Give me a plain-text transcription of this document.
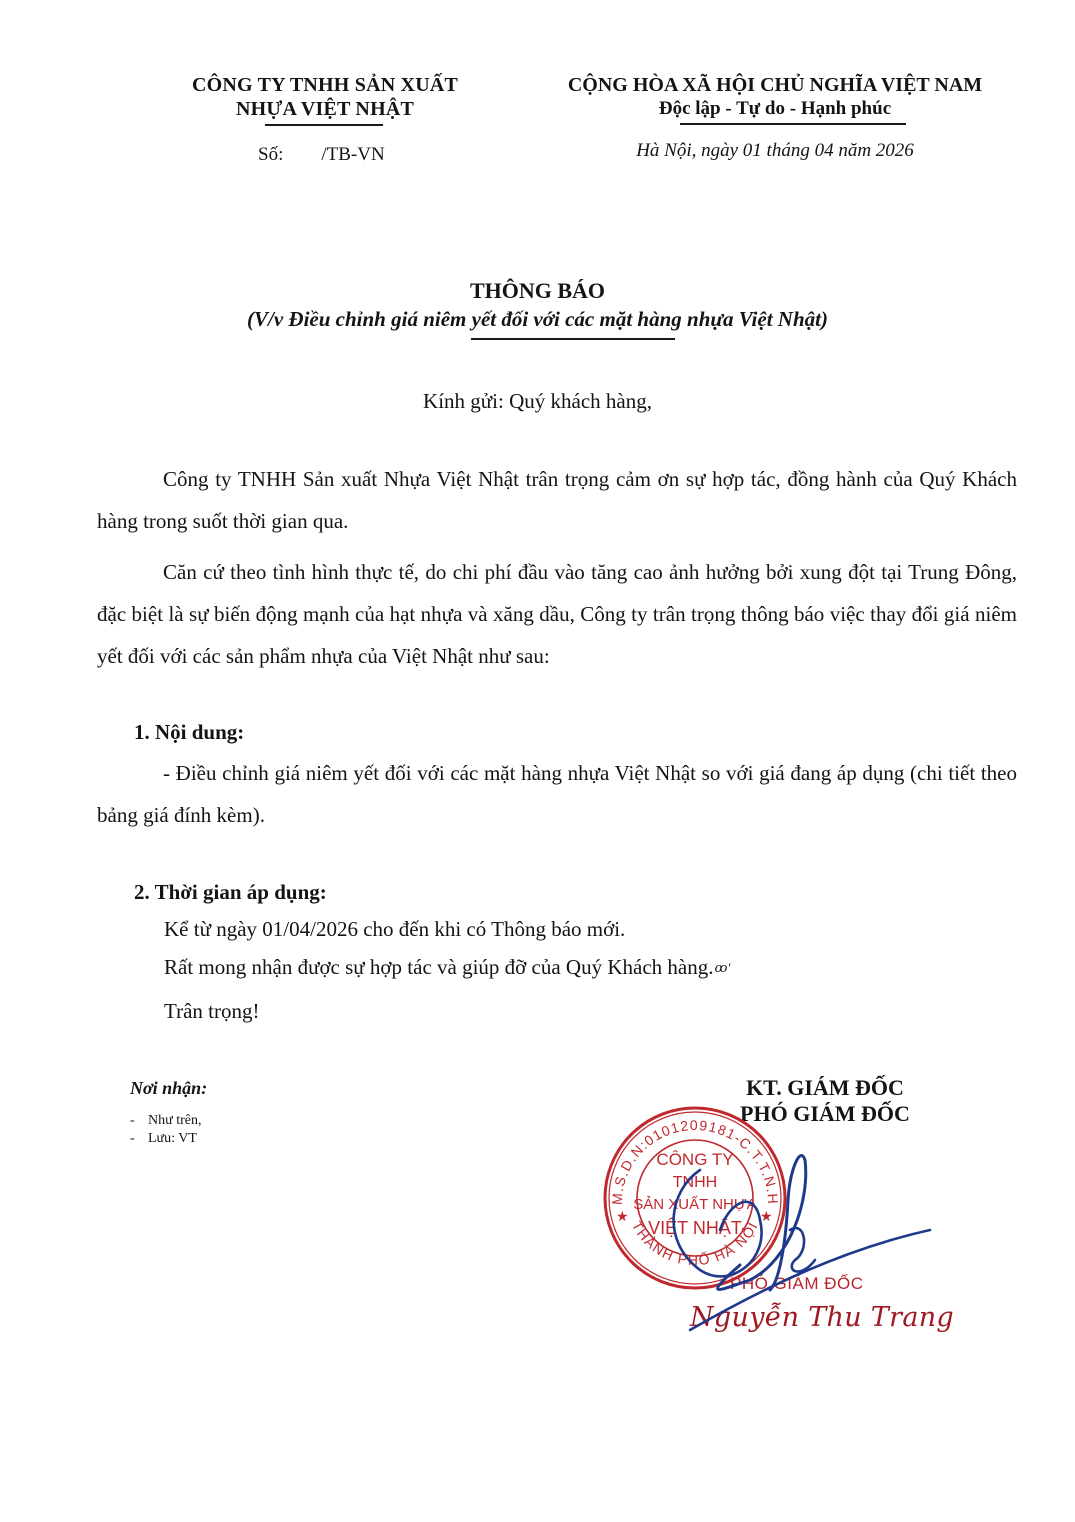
CÔNG TY TNHH SẢN XUẤT
NHỰA VIỆT NHẬT
Số: /TB-VN
CỘNG HÒA XÃ HỘI CHỦ NGHĨA VIỆT NAM
Độc lập - Tự do - Hạnh phúc
Hà Nội, ngày 01 tháng 04 năm 2026
THÔNG BÁO
(V/v Điều chỉnh giá niêm yết đối với các mặt hàng nhựa Việt Nhật)
Kính gửi: Quý khách hàng,
Công ty TNHH Sản xuất Nhựa Việt Nhật trân trọng cảm ơn sự hợp tác, đồng hành của Quý Khách hàng trong suốt thời gian qua.
Căn cứ theo tình hình thực tế, do chi phí đầu vào tăng cao ảnh hưởng bởi xung đột tại Trung Đông, đặc biệt là sự biến động mạnh của hạt nhựa và xăng dầu, Công ty trân trọng thông báo việc thay đổi giá niêm yết đối với các sản phẩm nhựa của Việt Nhật như sau:
1. Nội dung:
- Điều chỉnh giá niêm yết đối với các mặt hàng nhựa Việt Nhật so với giá đang áp dụng (chi tiết theo bảng giá đính kèm).
2. Thời gian áp dụng:
Kể từ ngày 01/04/2026 cho đến khi có Thông báo mới.
Rất mong nhận được sự hợp tác và giúp đỡ của Quý Khách hàng.ꝏ'
Trân trọng!
Nơi nhận:
- Như trên,
- Lưu: VT
KT. GIÁM ĐỐC
PHÓ GIÁM ĐỐC
M.S.D.N:0101209181-C.T.T.N.H
THÀNH PHỐ HÀ NỘI
★	★
CÔNG TY
TNHH
SẢN XUẤT NHỰA
VIỆT NHẬT
PHÓ GIÁM ĐỐC
Nguyễn Thu Trang
